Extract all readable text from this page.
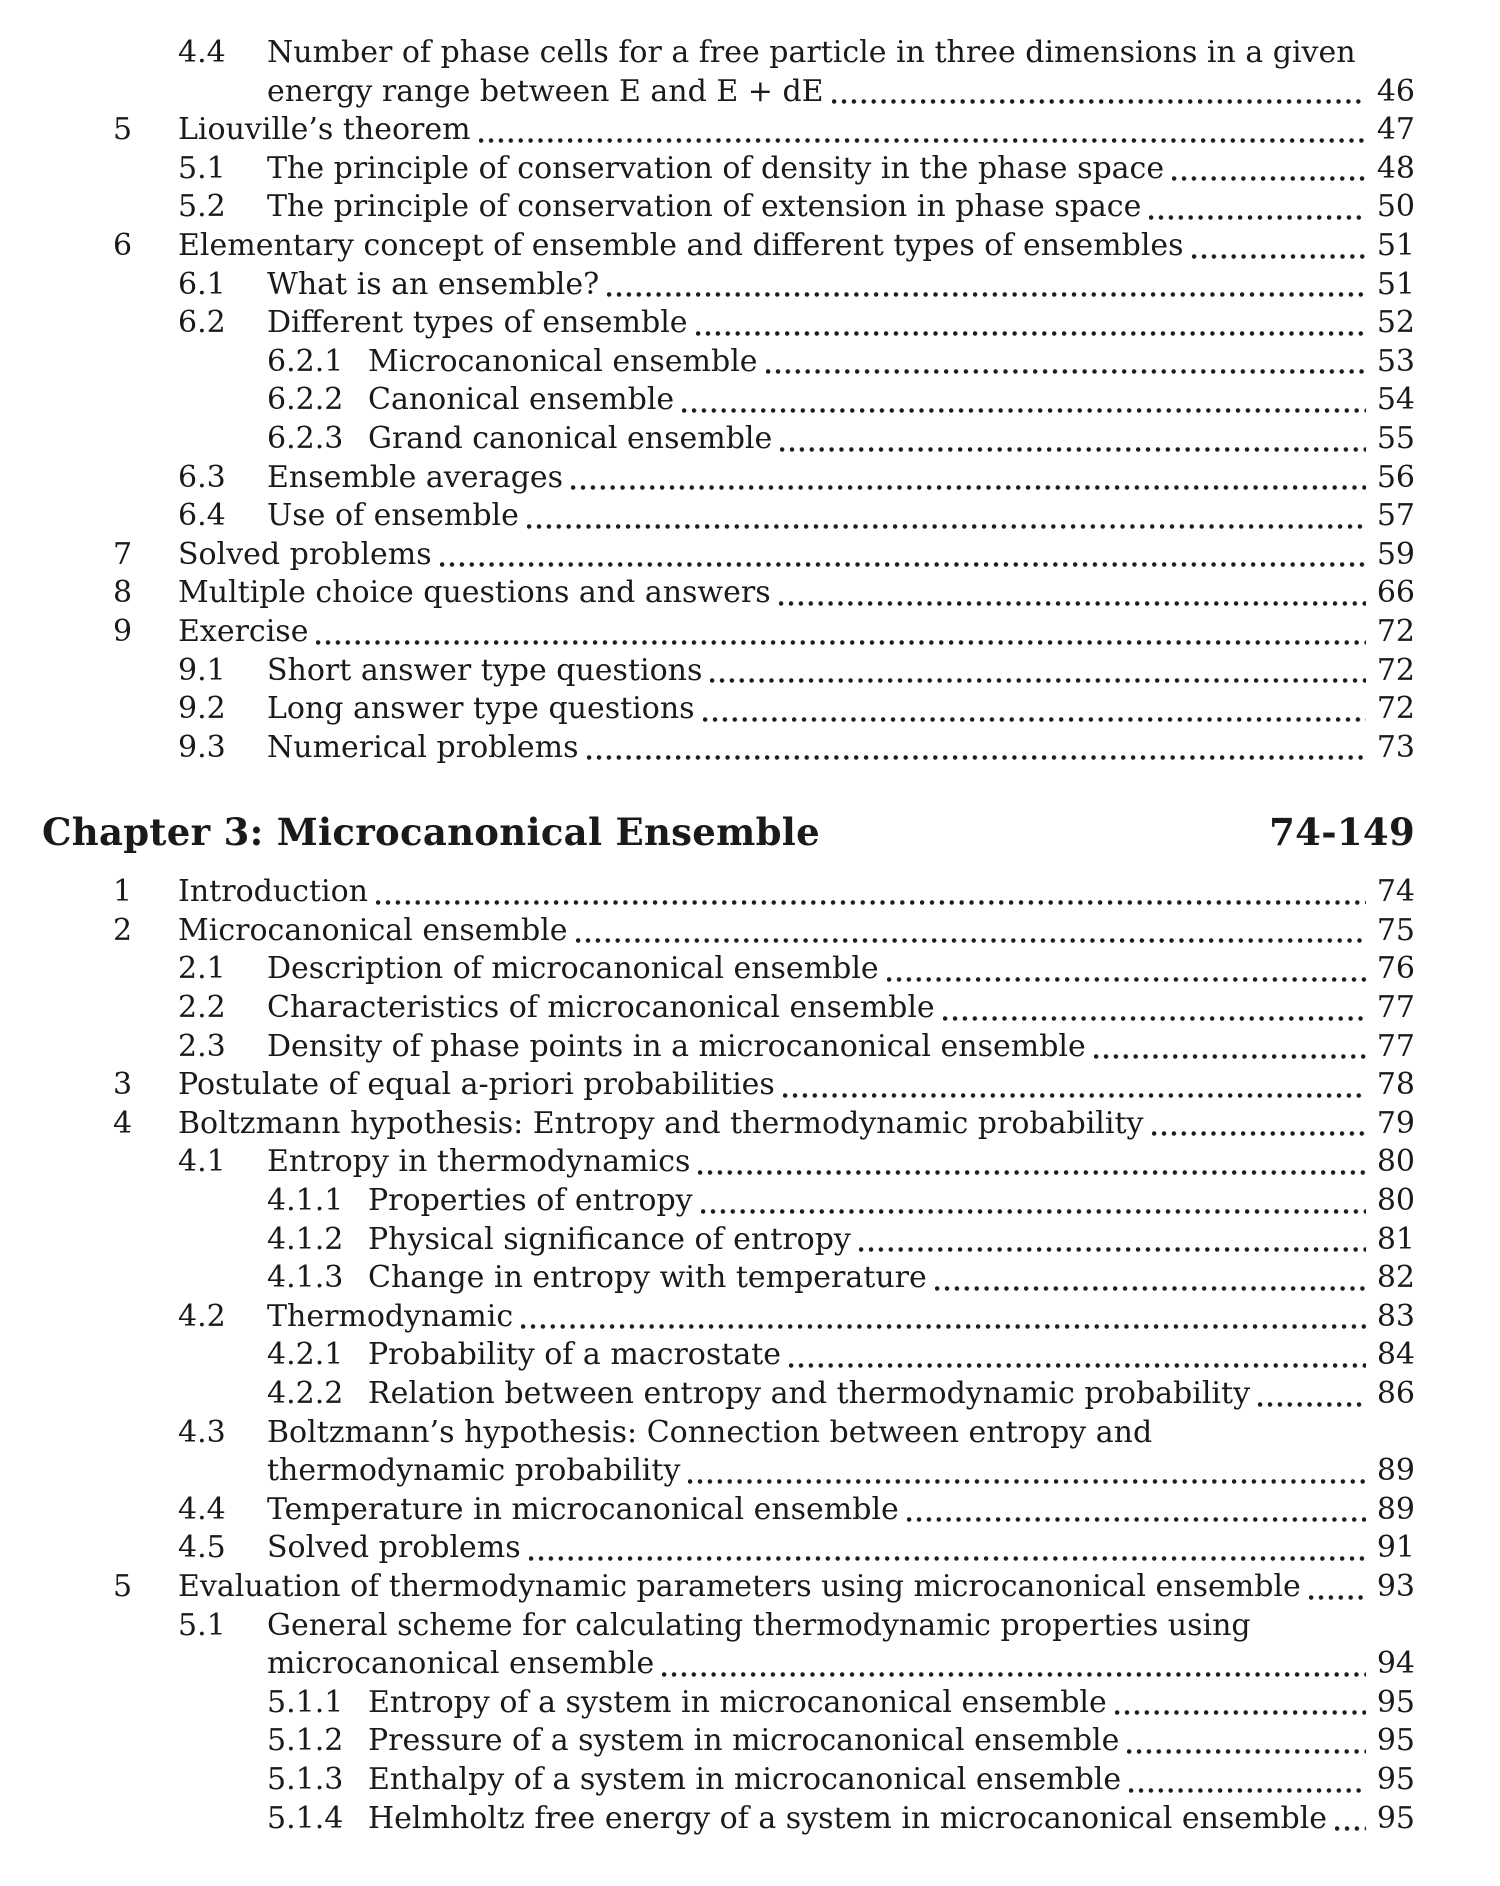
4.4	Number of phase cells for a free particle in three dimensions in a given
energy range between E and E + dE	46
5	Liouville’s theorem	47
5.1	The principle of conservation of density in the phase space	48
5.2	The principle of conservation of extension in phase space	50
6	Elementary concept of ensemble and different types of ensembles	51
6.1	What is an ensemble?	51
6.2	Different types of ensemble	52
6.2.1 Microcanonical ensemble	53
6.2.2 Canonical ensemble	54
6.2.3 Grand canonical ensemble	55
6.3	Ensemble averages	56
6.4	Use of ensemble	57
7	Solved problems	59
8	Multiple choice questions and answers	66
9	Exercise	72
9.1	Short answer type questions	72
9.2	Long answer type questions	72
9.3	Numerical problems	73
Chapter 3: Microcanonical Ensemble	74-149
1	Introduction	74
2	Microcanonical ensemble	75
2.1	Description of microcanonical ensemble	76
2.2	Characteristics of microcanonical ensemble	77
2.3	Density of phase points in a microcanonical ensemble	77
3	Postulate of equal a-priori probabilities	78
4	Boltzmann hypothesis: Entropy and thermodynamic probability	79
4.1	Entropy in thermodynamics	80
4.1.1 Properties of entropy	80
4.1.2 Physical significance of entropy	81
4.1.3 Change in entropy with temperature	82
4.2	Thermodynamic	83
4.2.1 Probability of a macrostate	84
4.2.2 Relation between entropy and thermodynamic probability	86
4.3	Boltzmann’s hypothesis: Connection between entropy and
thermodynamic probability	89
4.4	Temperature in microcanonical ensemble	89
4.5	Solved problems	91
5	Evaluation of thermodynamic parameters using microcanonical ensemble	93
5.1	General scheme for calculating thermodynamic properties using
microcanonical ensemble	94
5.1.1 Entropy of a system in microcanonical ensemble	95
5.1.2 Pressure of a system in microcanonical ensemble	95
5.1.3 Enthalpy of a system in microcanonical ensemble	95
5.1.4 Helmholtz free energy of a system in microcanonical ensemble 95
